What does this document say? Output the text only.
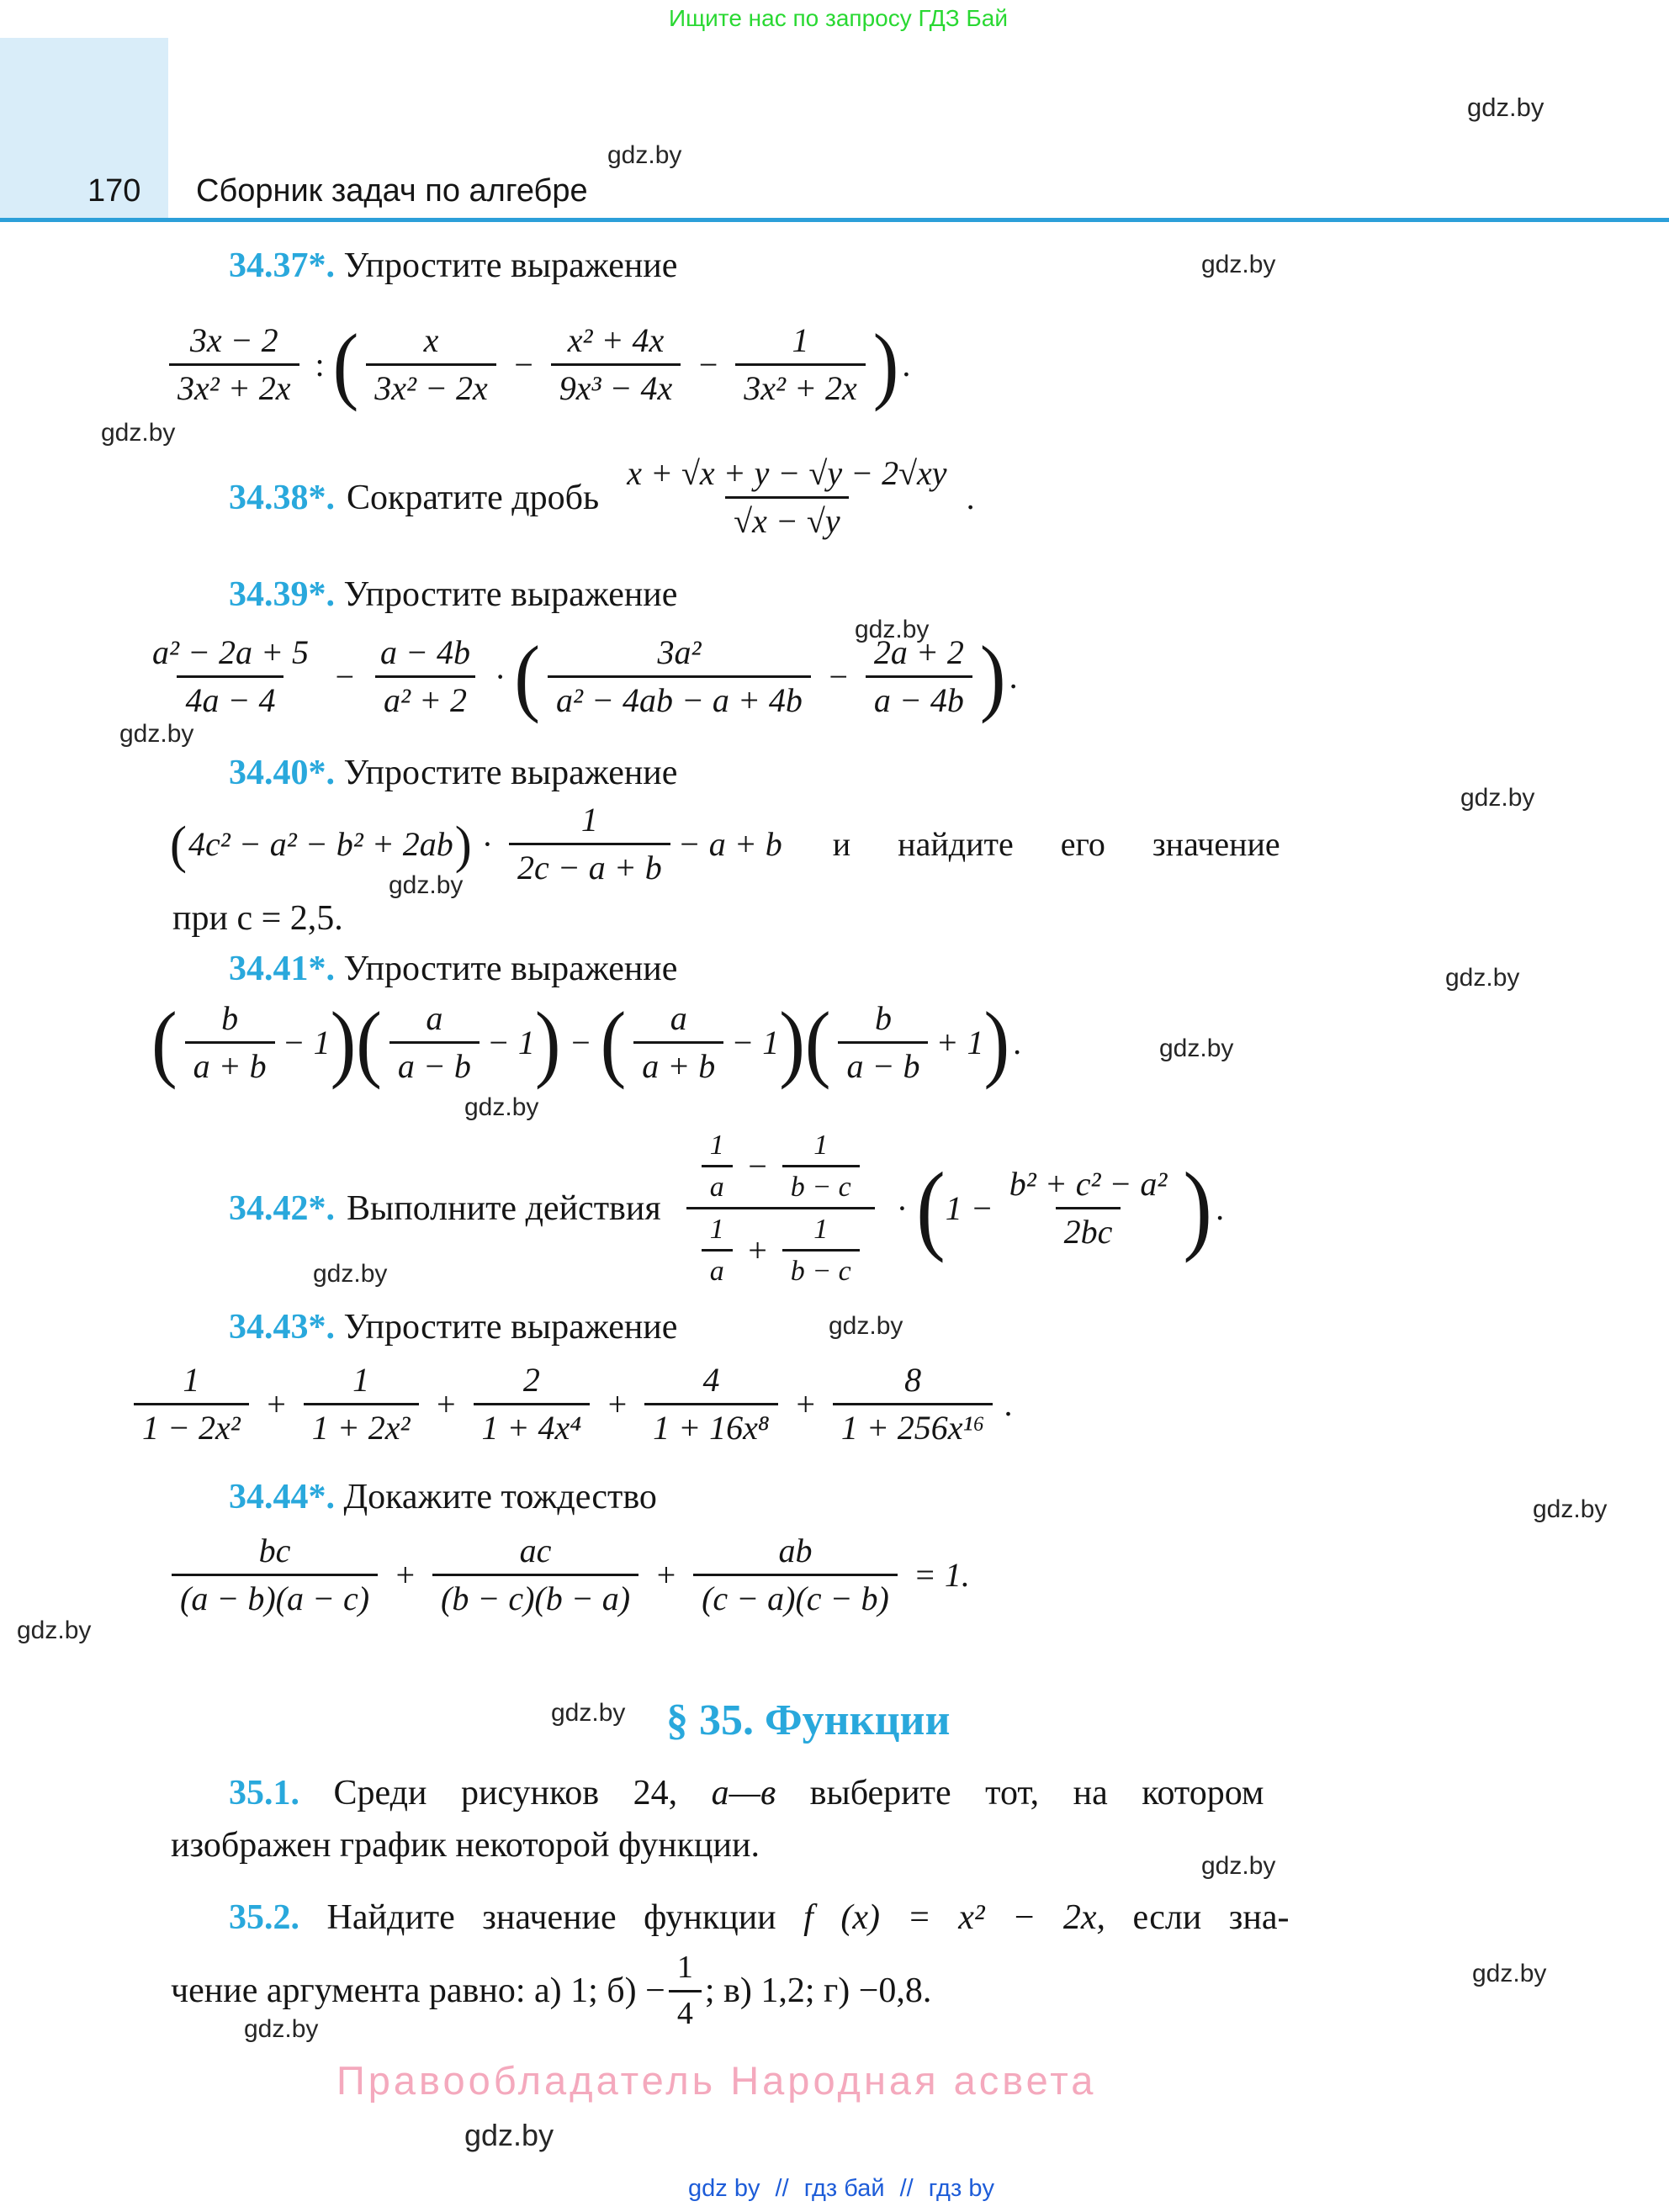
Ищите нас по запросу ГДЗ Бай
170 Сборник задач по алгебре
gdz.by
gdz.by
gdz.by
gdz.by
gdz.by
gdz.by
gdz.by
gdz.by
gdz.by
gdz.by
gdz.by
gdz.by
gdz.by
gdz.by
gdz.by
gdz.by
gdz.by
gdz.by
gdz.by
gdz.by
34.37*. Упростите выражение
$\frac{3x - 2}{\text{3x² + 2x}}$ : ( $\frac{x}{\text{3x² − 2x}} - \frac{\text{x² + 4x}}{\text{9x³ − 4x}} - \frac{1}{\text{3x² + 2x}}$ ) .
34.38*. Сократите дробь $\frac{x + √x + y - √y - 2√xy}{√x - √y}$ .
34.39*. Упростите выражение
$\frac{\text{a² − 2a + 5}}{4a - 4} - \frac{a - 4b}{\text{a² + 2}}$ · ( $\frac{\text{3a²}}{\text{a² − 4ab − a + 4b}} - \frac{2a + 2}{a - 4b}$ ) .
34.40*. Упростите выражение
( 4c² − a² − b² + 2ab ) · $\frac{1}{2c - a + b} - a + b$ и найдите его значение
при с = 2,5.
34.41*. Упростите выражение
( $\frac{b}{a + b} - 1$ ) ( $\frac{a}{a - b} - 1$ ) − ( $\frac{a}{a + b} - 1$ ) ( $\frac{b}{a - b} + 1$ ) .
34.42*. Выполните действия
$\frac{1}{a} - \frac{1}{b - c}$
$\frac{1}{a} + \frac{1}{b - c}$
· ( $1 - \frac{\text{b² + c² − a²}}{2bc}$ ) .
34.43*. Упростите выражение
$\frac{1}{\text{1 − 2x²}} + \frac{1}{\text{1 + 2x²}} + \frac{2}{\text{1 + 4x⁴}} + \frac{4}{\text{1 + 16x⁸}} + \frac{8}{\text{1 + 256x¹⁶}}$ .
34.44*. Докажите тождество
$\frac{bc}{(a - b)(a - c)} + \frac{ac}{(b - c)(b - a)} + \frac{ab}{(c - a)(c - b)} = 1$.
§ 35. Функции
35.1. Среди рисунков 24, а—в выберите тот, на котором
изображен график некоторой функции.
35.2. Найдите значение функции f (x) = x² − 2x, если зна-
чение аргумента равно: а) 1; $б) - \frac{1}{4}$ ; в) 1,2; г) −0,8.
Правообладатель Народная асвета
gdz by // гдз бай // гдз by
